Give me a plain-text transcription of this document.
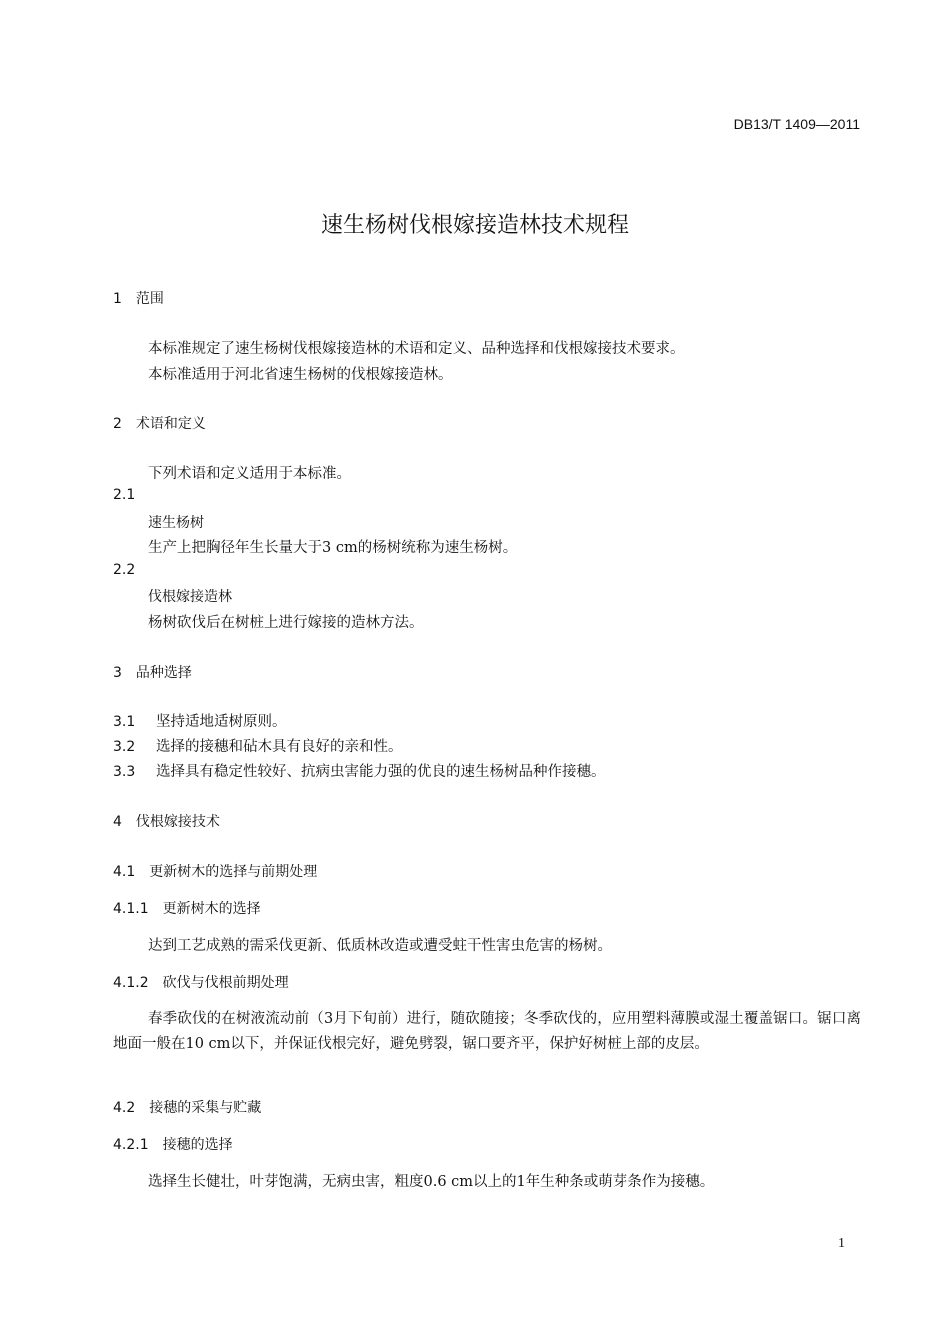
DB13/T 1409—2011
速生杨树伐根嫁接造林技术规程
1 范围
本标准规定了速生杨树伐根嫁接造林的术语和定义、品种选择和伐根嫁接技术要求。
本标准适用于河北省速生杨树的伐根嫁接造林。
2 术语和定义
下列术语和定义适用于本标准。
2.1
速生杨树
生产上把胸径年生长量大于3 cm的杨树统称为速生杨树。
2.2
伐根嫁接造林
杨树砍伐后在树桩上进行嫁接的造林方法。
3 品种选择
3.1 坚持适地适树原则。
3.2 选择的接穗和砧木具有良好的亲和性。
3.3 选择具有稳定性较好、抗病虫害能力强的优良的速生杨树品种作接穗。
4 伐根嫁接技术
4.1 更新树木的选择与前期处理
4.1.1 更新树木的选择
达到工艺成熟的需采伐更新、低质林改造或遭受蛀干性害虫危害的杨树。
4.1.2 砍伐与伐根前期处理
春季砍伐的在树液流动前（3月下旬前）进行，随砍随接；冬季砍伐的，应用塑料薄膜或湿土覆盖锯口。锯口离地面一般在10 cm以下，并保证伐根完好，避免劈裂，锯口要齐平，保护好树桩上部的皮层。
4.2 接穗的采集与贮藏
4.2.1 接穗的选择
选择生长健壮，叶芽饱满，无病虫害，粗度0.6 cm以上的1年生种条或萌芽条作为接穗。
1
